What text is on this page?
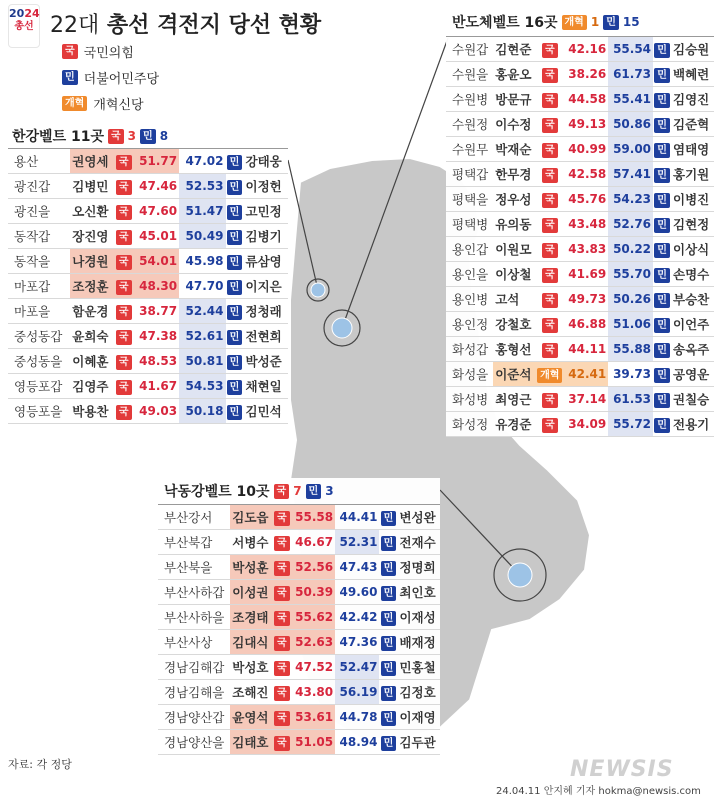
2024
총선 22대 총선 격전지 당선 현황
국 국민의힘
민 더불어민주당
개혁 개혁신당
한강벨트 11곳 국 3 민 8
용산	권영세	국	51.77	47.02	민	강태웅
광진갑	김병민	국	47.46	52.53	민	이정헌
광진을	오신환	국	47.60	51.47	민	고민정
동작갑	장진영	국	45.01	50.49	민	김병기
동작을	나경원	국	54.01	45.98	민	류삼영
마포갑	조정훈	국	48.30	47.70	민	이지은
마포을	함운경	국	38.77	52.44	민	정청래
중성동갑	윤희숙	국	47.38	52.61	민	전현희
중성동을	이혜훈	국	48.53	50.81	민	박성준
영등포갑	김영주	국	41.67	54.53	민	채현일
영등포을	박용찬	국	49.03	50.18	민	김민석
반도체벨트 16곳 개혁 1 민 15
수원갑	김현준	국	42.16	55.54	민	김승원
수원을	홍윤오	국	38.26	61.73	민	백혜련
수원병	방문규	국	44.58	55.41	민	김영진
수원정	이수정	국	49.13	50.86	민	김준혁
수원무	박재순	국	40.99	59.00	민	염태영
평택갑	한무경	국	42.58	57.41	민	홍기원
평택을	정우성	국	45.76	54.23	민	이병진
평택병	유의동	국	43.48	52.76	민	김현정
용인갑	이원모	국	43.83	50.22	민	이상식
용인을	이상철	국	41.69	55.70	민	손명수
용인병	고석	국	49.73	50.26	민	부승찬
용인정	강철호	국	46.88	51.06	민	이언주
화성갑	홍형선	국	44.11	55.88	민	송옥주
화성을	이준석	개혁	42.41	39.73	민	공영운
화성병	최영근	국	37.14	61.53	민	권칠승
화성정	유경준	국	34.09	55.72	민	전용기
낙동강벨트 10곳 국 7 민 3
부산강서	김도읍	국	55.58	44.41	민	변성완
부산북갑	서병수	국	46.67	52.31	민	전재수
부산북을	박성훈	국	52.56	47.43	민	정명희
부산사하갑	이성권	국	50.39	49.60	민	최인호
부산사하을	조경태	국	55.62	42.42	민	이재성
부산사상	김대식	국	52.63	47.36	민	배재정
경남김해갑	박성호	국	47.52	52.47	민	민홍철
경남김해을	조해진	국	43.80	56.19	민	김정호
경남양산갑	윤영석	국	53.61	44.78	민	이재영
경남양산을	김태호	국	51.05	48.94	민	김두관
자료: 각 정당	NEWSIS
24.04.11 안지혜 기자 hokma@newsis.com
